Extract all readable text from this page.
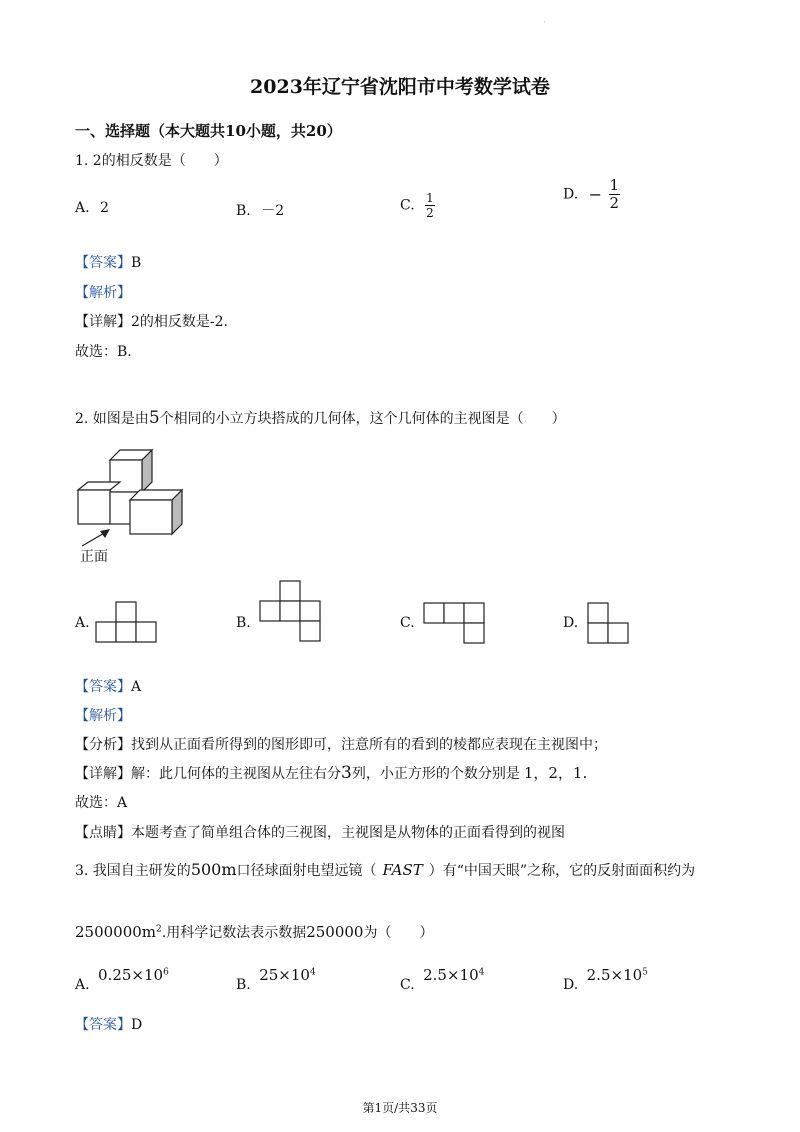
·
2023年辽宁省沈阳市中考数学试卷
一、选择题（本大题共10小题，共20）
1. 2的相反数是（　　）
A. 2	B. －2	C. $\frac{1}{2}$	D. − $\frac{1}{2}$
【答案】B
【解析】
【详解】2的相反数是-2.
故选：B.
2. 如图是由5个相同的小立方块搭成的几何体，这个几何体的主视图是（　　）
正面
A.	B.	C.	D.
【答案】A
【解析】
【分析】找到从正面看所得到的图形即可，注意所有的看到的棱都应表现在主视图中；
【详解】解：此几何体的主视图从左往右分3列，小正方形的个数分别是 1，2，1.
故选：A
【点睛】本题考查了简单组合体的三视图，主视图是从物体的正面看得到的视图
3. 我国自主研发的500m口径球面射电望远镜（ FAST ）有“中国天眼”之称，它的反射面面积约为
$2500000m^2$.用科学记数法表示数据250000为（　　）
A. $0.25\times 10^6$
B. $25\times 10^4$
C. $2.5\times 10^4$
D. $2.5\times 10^5$
【答案】D
第1页/共33页
